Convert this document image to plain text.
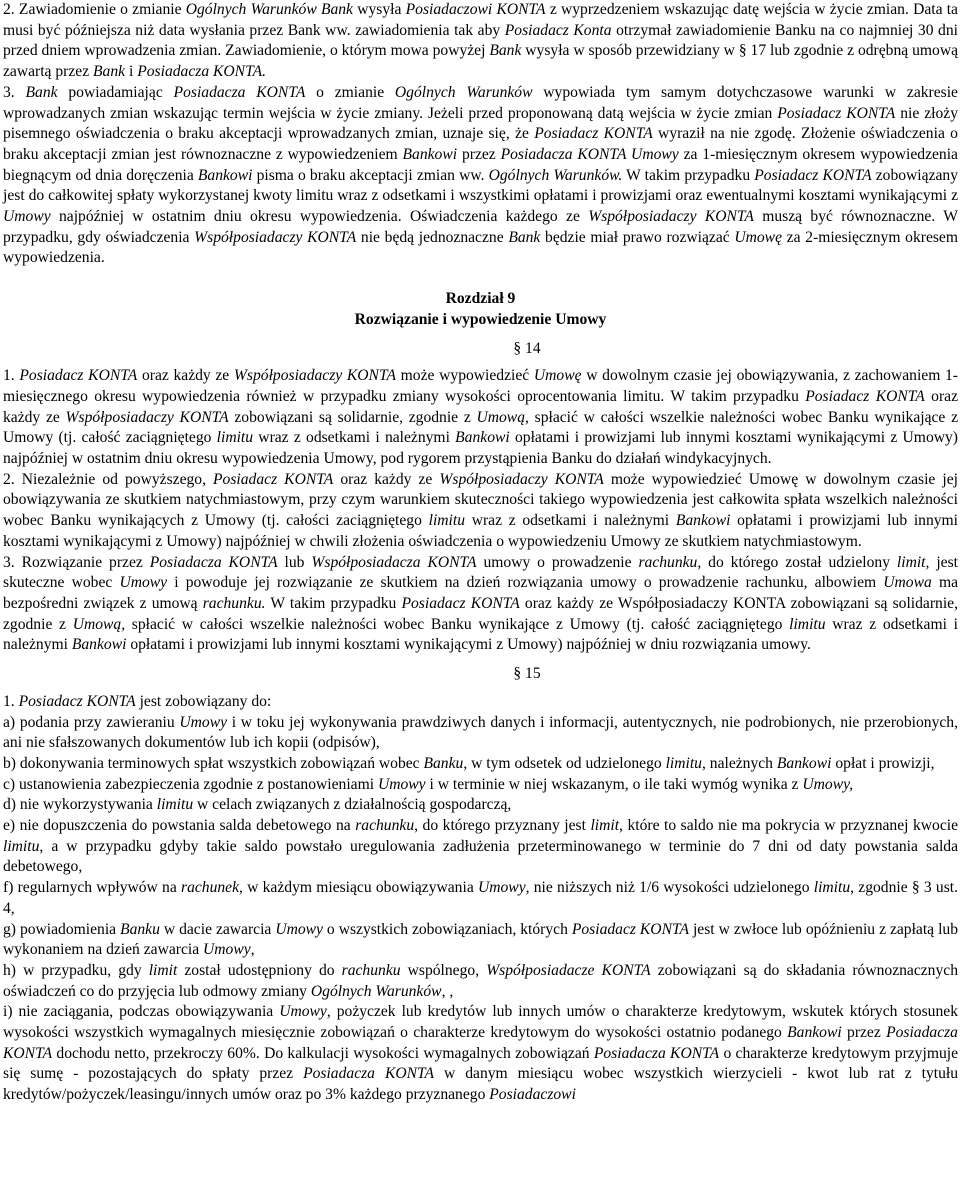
2. Zawiadomienie o zmianie Ogólnych Warunków Bank wysyła Posiadaczowi KONTA z wyprzedzeniem wskazując datę wejścia w życie zmian. Data ta musi być późniejsza niż data wysłania przez Bank ww. zawiadomienia tak aby Posiadacz Konta otrzymał zawiadomienie Banku na co najmniej 30 dni przed dniem wprowadzenia zmian. Zawiadomienie, o którym mowa powyżej Bank wysyła w sposób przewidziany w § 17 lub zgodnie z odrębną umową zawartą przez Bank i Posiadacza KONTA.

3. Bank powiadamiając Posiadacza KONTA o zmianie Ogólnych Warunków wypowiada tym samym dotychczasowe warunki w zakresie wprowadzanych zmian wskazując termin wejścia w życie zmiany. Jeżeli przed proponowaną datą wejścia w życie zmian Posiadacz KONTA nie złoży pisemnego oświadczenia o braku akceptacji wprowadzanych zmian, uznaje się, że Posiadacz KONTA wyraził na nie zgodę. Złożenie oświadczenia o braku akceptacji zmian jest równoznaczne z wypowiedzeniem Bankowi przez Posiadacza KONTA Umowy za 1-miesięcznym okresem wypowiedzenia biegnącym od dnia doręczenia Bankowi pisma o braku akceptacji zmian ww. Ogólnych Warunków. W takim przypadku Posiadacz KONTA zobowiązany jest do całkowitej spłaty wykorzystanej kwoty limitu wraz z odsetkami i wszystkimi opłatami i prowizjami oraz ewentualnymi kosztami wynikającymi z Umowy najpóźniej w ostatnim dniu okresu wypowiedzenia. Oświadczenia każdego ze Współposiadaczy KONTA muszą być równoznaczne. W przypadku, gdy oświadczenia Współposiadaczy KONTA nie będą jednoznaczne Bank będzie miał prawo rozwiązać Umowę za 2-miesięcznym okresem wypowiedzenia.

Rozdział 9
Rozwiązanie i wypowiedzenie Umowy
§ 14

1. Posiadacz KONTA oraz każdy ze Współposiadaczy KONTA może wypowiedzieć Umowę w dowolnym czasie jej obowiązywania, z zachowaniem 1-miesięcznego okresu wypowiedzenia również w przypadku zmiany wysokości oprocentowania limitu. W takim przypadku Posiadacz KONTA oraz każdy ze Współposiadaczy KONTA zobowiązani są solidarnie, zgodnie z Umową, spłacić w całości wszelkie należności wobec Banku wynikające z Umowy (tj. całość zaciągniętego limitu wraz z odsetkami i należnymi Bankowi opłatami i prowizjami lub innymi kosztami wynikającymi z Umowy) najpóźniej w ostatnim dniu okresu wypowiedzenia Umowy, pod rygorem przystąpienia Banku do działań windykacyjnych.

2. Niezależnie od powyższego, Posiadacz KONTA oraz każdy ze Współposiadaczy KONTA może wypowiedzieć Umowę w dowolnym czasie jej obowiązywania ze skutkiem natychmiastowym, przy czym warunkiem skuteczności takiego wypowiedzenia jest całkowita spłata wszelkich należności wobec Banku wynikających z Umowy (tj. całości zaciągniętego limitu wraz z odsetkami i należnymi Bankowi opłatami i prowizjami lub innymi kosztami wynikającymi z Umowy) najpóźniej w chwili złożenia oświadczenia o wypowiedzeniu Umowy ze skutkiem natychmiastowym.

3. Rozwiązanie przez Posiadacza KONTA lub Współposiadacza KONTA umowy o prowadzenie rachunku, do którego został udzielony limit, jest skuteczne wobec Umowy i powoduje jej rozwiązanie ze skutkiem na dzień rozwiązania umowy o prowadzenie rachunku, albowiem Umowa ma bezpośredni związek z umową rachunku. W takim przypadku Posiadacz KONTA oraz każdy ze Współposiadaczy KONTA zobowiązani są solidarnie, zgodnie z Umową, spłacić w całości wszelkie należności wobec Banku wynikające z Umowy (tj. całość zaciągniętego limitu wraz z odsetkami i należnymi Bankowi opłatami i prowizjami lub innymi kosztami wynikającymi z Umowy) najpóźniej w dniu rozwiązania umowy.

§ 15

1. Posiadacz KONTA jest zobowiązany do:

a) podania przy zawieraniu Umowy i w toku jej wykonywania prawdziwych danych i informacji, autentycznych, nie podrobionych, nie przerobionych, ani nie sfałszowanych dokumentów lub ich kopii (odpisów),

b) dokonywania terminowych spłat wszystkich zobowiązań wobec Banku, w tym odsetek od udzielonego limitu, należnych Bankowi opłat i prowizji,

c) ustanowienia zabezpieczenia zgodnie z postanowieniami Umowy i w terminie w niej wskazanym, o ile taki wymóg wynika z Umowy,

d) nie wykorzystywania limitu w celach związanych z działalnością gospodarczą,

e) nie dopuszczenia do powstania salda debetowego na rachunku, do którego przyznany jest limit, które to saldo nie ma pokrycia w przyznanej kwocie limitu, a w przypadku gdyby takie saldo powstało uregulowania zadłużenia przeterminowanego w terminie do 7 dni od daty powstania salda debetowego,

f) regularnych wpływów na rachunek, w każdym miesiącu obowiązywania Umowy, nie niższych niż 1/6 wysokości udzielonego limitu, zgodnie § 3 ust. 4,

g) powiadomienia Banku w dacie zawarcia Umowy o wszystkich zobowiązaniach, których Posiadacz KONTA jest w zwłoce lub opóźnieniu z zapłatą lub wykonaniem na dzień zawarcia Umowy,

h) w przypadku, gdy limit został udostępniony do rachunku wspólnego, Współposiadacze KONTA zobowiązani są do składania równoznacznych oświadczeń co do przyjęcia lub odmowy zmiany Ogólnych Warunków, ,

i) nie zaciągania, podczas obowiązywania Umowy, pożyczek lub kredytów lub innych umów o charakterze kredytowym, wskutek których stosunek wysokości wszystkich wymagalnych miesięcznie zobowiązań o charakterze kredytowym do wysokości ostatnio podanego Bankowi przez Posiadacza KONTA dochodu netto, przekroczy 60%. Do kalkulacji wysokości wymagalnych zobowiązań Posiadacza KONTA o charakterze kredytowym przyjmuje się sumę - pozostających do spłaty przez Posiadacza KONTA w danym miesiącu wobec wszystkich wierzycieli - kwot lub rat z tytułu kredytów/pożyczek/leasingu/innych umów oraz po 3% każdego przyznanego Posiadaczowi
